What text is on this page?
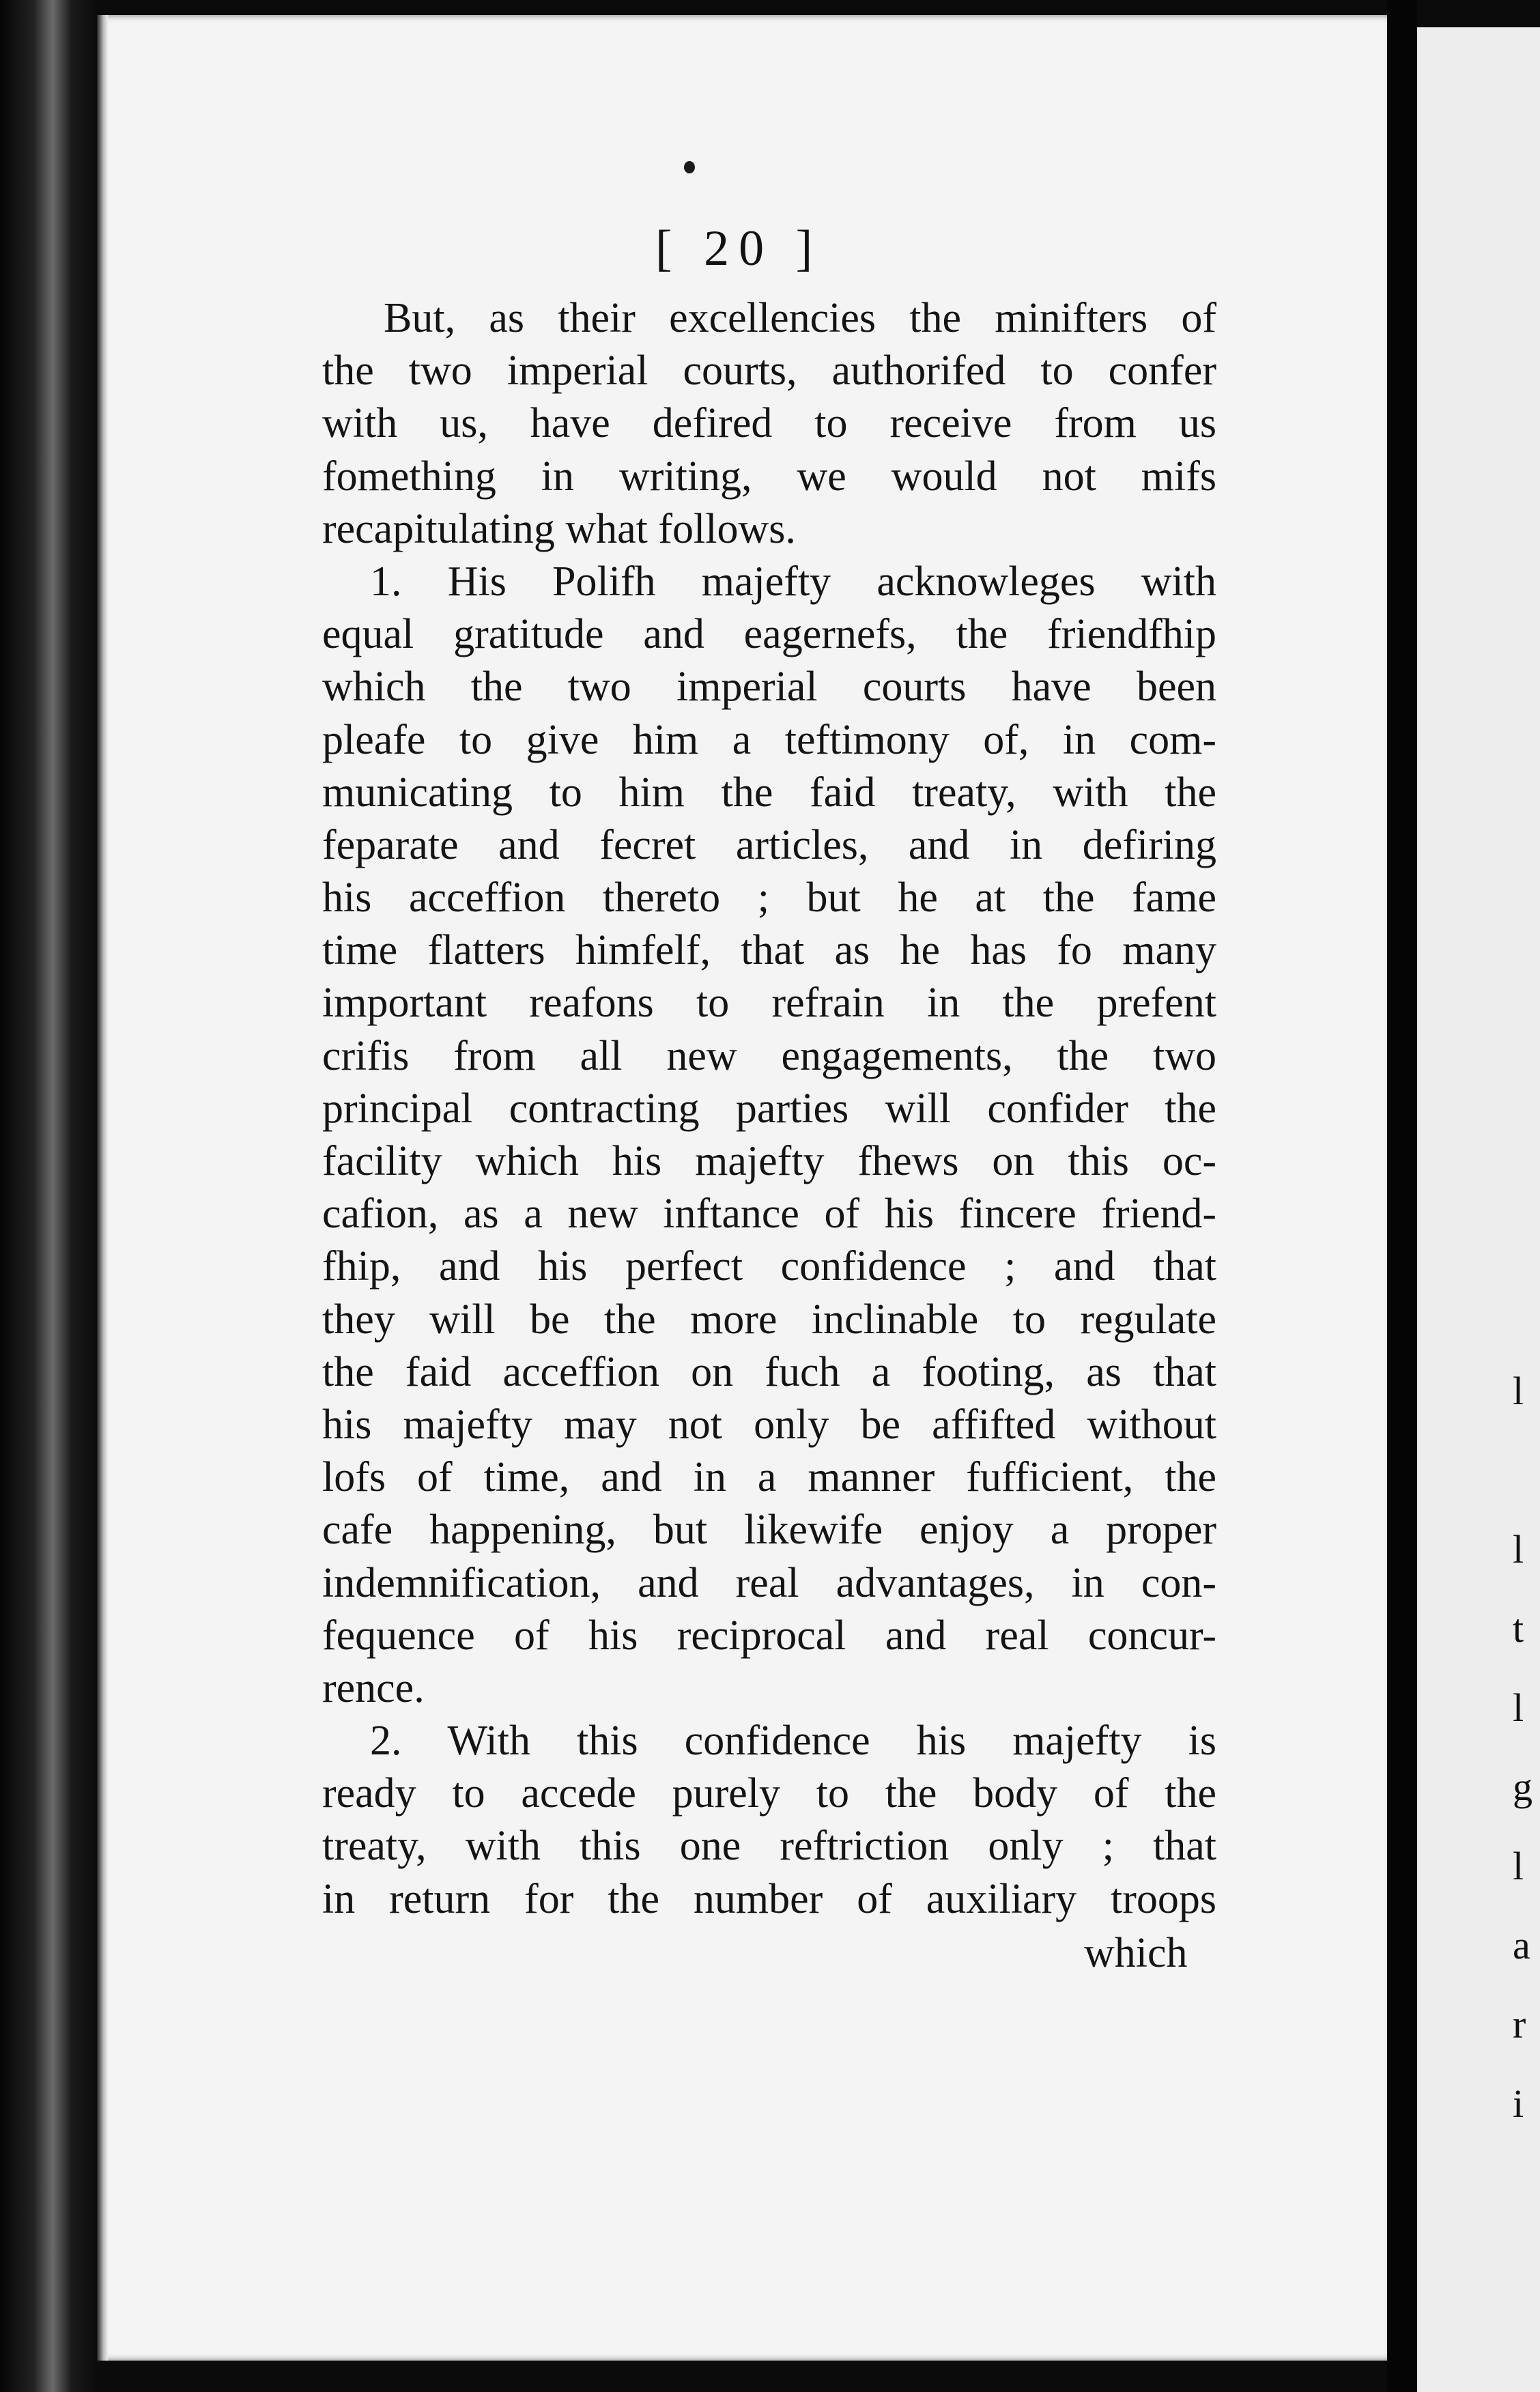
l
l
t
l
g
l
a
r
i
[ 20 ]
But, as their excellencies the minifters of
the two imperial courts, authorifed to confer
with us, have defired to receive from us
fomething in writing, we would not mifs
recapitulating what follows.
1. His Polifh majefty acknowleges with
equal gratitude and eagernefs, the friendfhip
which the two imperial courts have been
pleafe to give him a teftimony of, in com-
municating to him the faid treaty, with the
feparate and fecret articles, and in defiring
his acceffion thereto ; but he at the fame
time flatters himfelf, that as he has fo many
important reafons to refrain in the prefent
crifis from all new engagements, the two
principal contracting parties will confider the
facility which his majefty fhews on this oc-
cafion, as a new inftance of his fincere friend-
fhip, and his perfect confidence ; and that
they will be the more inclinable to regulate
the faid acceffion on fuch a footing, as that
his majefty may not only be affifted without
lofs of time, and in a manner fufficient, the
cafe happening, but likewife enjoy a proper
indemnification, and real advantages, in con-
fequence of his reciprocal and real concur-
rence.
2. With this confidence his majefty is
ready to accede purely to the body of the
treaty, with this one reftriction only ; that
in return for the number of auxiliary troops
which
